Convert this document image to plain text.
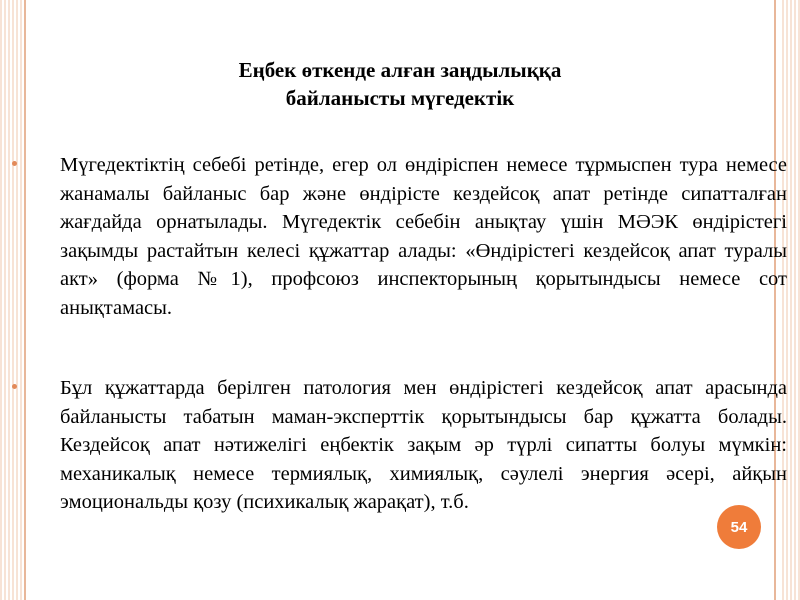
Еңбек өткенде алған заңдылыққа
байланысты мүгедектік

Мүгедектіктің себебі ретінде, егер ол өндіріспен немесе тұрмыспен тура немесе жанамалы байланыс бар және өндірісте кездейсоқ апат ретінде сипатталған жағдайда орнатылады. Мүгедектік себебін анықтау үшін МӘЭК өндірістегі зақымды растайтын келесі құжаттар алады: «Өндірістегі кездейсоқ апат туралы акт» (форма №1), профсоюз инспекторының қорытындысы немесе сот анықтамасы.

Бұл құжаттарда берілген патология мен өндірістегі кездейсоқ апат арасында байланысты табатын маман-эксперттік қорытындысы бар құжатта болады. Кездейсоқ апат нәтижелігі еңбектік зақым әр түрлі сипатты болуы мүмкін: механикалық немесе термиялық, химиялық, сәулелі энергия әсері, айқын эмоциональды қозу (психикалық жарақат), т.б.

54
